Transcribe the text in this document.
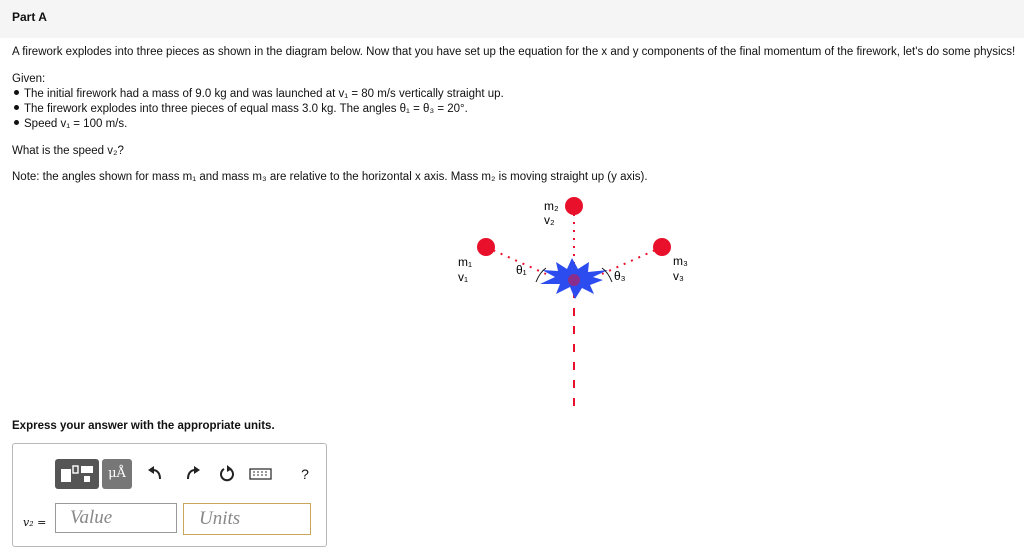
Part A
A firework explodes into three pieces as shown in the diagram below. Now that you have set up the equation for the x and y components of the final momentum of the firework, let's do some physics!
Given:
The initial firework had a mass of 9.0 kg and was launched at v₁ = 80 m/s vertically straight up.
The firework explodes into three pieces of equal mass 3.0 kg. The angles θ₁ = θ₃ = 20°.
Speed v₁ = 100 m/s.
What is the speed v₂?
Note: the angles shown for mass m₁ and mass m₃ are relative to the horizontal x axis. Mass m₂ is moving straight up (y axis).
m₂
v₂
m₁
v₁
m₃
v₃
θ₁	θ₃
Express your answer with the appropriate units.
μÅ	?
v₂ =
Value
Units
